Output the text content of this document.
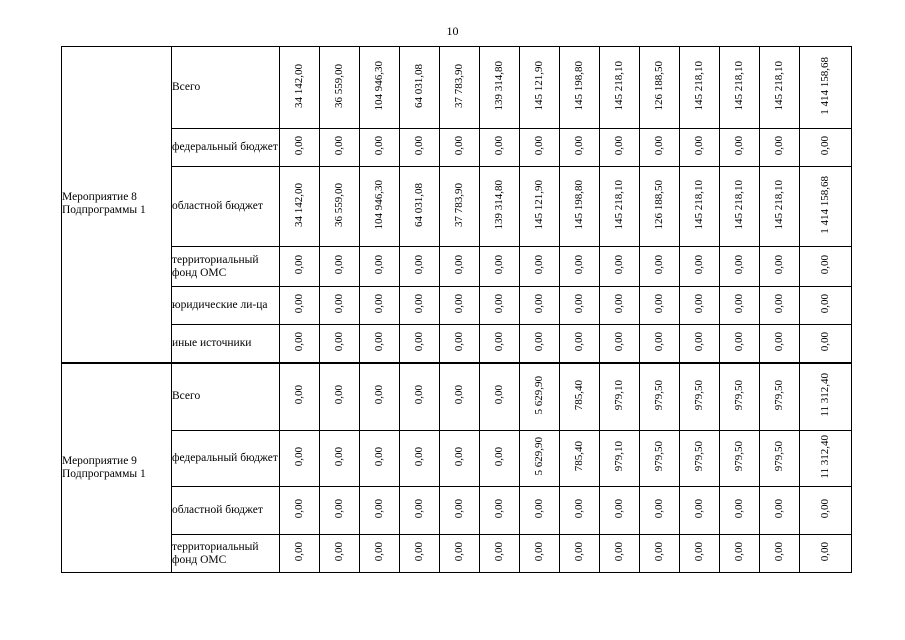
10
Мероприятие 8
Подпрограммы 1	Всего	34 142,00	36 559,00	104 946,30	64 031,08	37 783,90	139 314,80	145 121,90	145 198,80	145 218,10	126 188,50	145 218,10	145 218,10	145 218,10	1 414 158,68
	федеральный бюджет	0,00	0,00	0,00	0,00	0,00	0,00	0,00	0,00	0,00	0,00	0,00	0,00	0,00	0,00
	областной бюджет	34 142,00	36 559,00	104 946,30	64 031,08	37 783,90	139 314,80	145 121,90	145 198,80	145 218,10	126 188,50	145 218,10	145 218,10	145 218,10	1 414 158,68
	территориальный фонд ОМС	0,00	0,00	0,00	0,00	0,00	0,00	0,00	0,00	0,00	0,00	0,00	0,00	0,00	0,00
	юридические ли-ца	0,00	0,00	0,00	0,00	0,00	0,00	0,00	0,00	0,00	0,00	0,00	0,00	0,00	0,00
	иные источники	0,00	0,00	0,00	0,00	0,00	0,00	0,00	0,00	0,00	0,00	0,00	0,00	0,00	0,00

Мероприятие 9
Подпрограммы 1	Всего	0,00	0,00	0,00	0,00	0,00	0,00	5 629,90	785,40	979,10	979,50	979,50	979,50	979,50	11 312,40
	федеральный бюджет	0,00	0,00	0,00	0,00	0,00	0,00	5 629,90	785,40	979,10	979,50	979,50	979,50	979,50	11 312,40
	областной бюджет	0,00	0,00	0,00	0,00	0,00	0,00	0,00	0,00	0,00	0,00	0,00	0,00	0,00	0,00
	территориальный фонд ОМС	0,00	0,00	0,00	0,00	0,00	0,00	0,00	0,00	0,00	0,00	0,00	0,00	0,00	0,00
